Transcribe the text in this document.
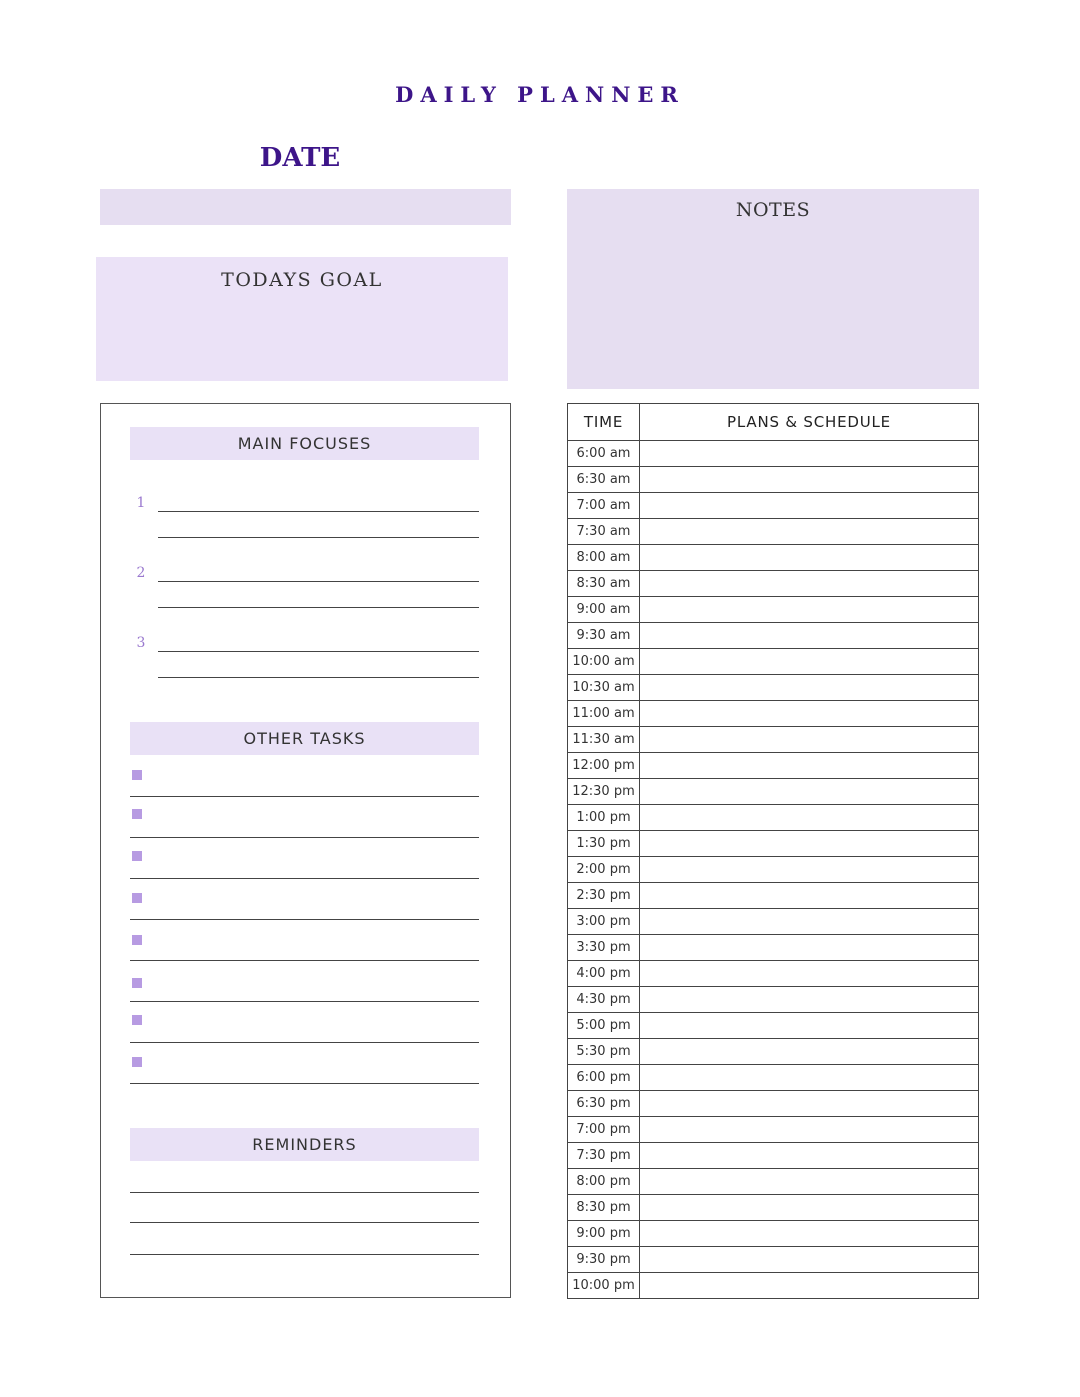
DAILY PLANNER
DATE
TODAYS GOAL
NOTES
MAIN FOCUSES
1
2
3
OTHER TASKS
REMINDERS
TIME	PLANS & SCHEDULE
6:00 am	
6:30 am	
7:00 am	
7:30 am	
8:00 am	
8:30 am	
9:00 am	
9:30 am	
10:00 am	
10:30 am	
11:00 am	
11:30 am	
12:00 pm	
12:30 pm	
1:00 pm	
1:30 pm	
2:00 pm	
2:30 pm	
3:00 pm	
3:30 pm	
4:00 pm	
4:30 pm	
5:00 pm	
5:30 pm	
6:00 pm	
6:30 pm	
7:00 pm	
7:30 pm	
8:00 pm	
8:30 pm	
9:00 pm	
9:30 pm	
10:00 pm	
